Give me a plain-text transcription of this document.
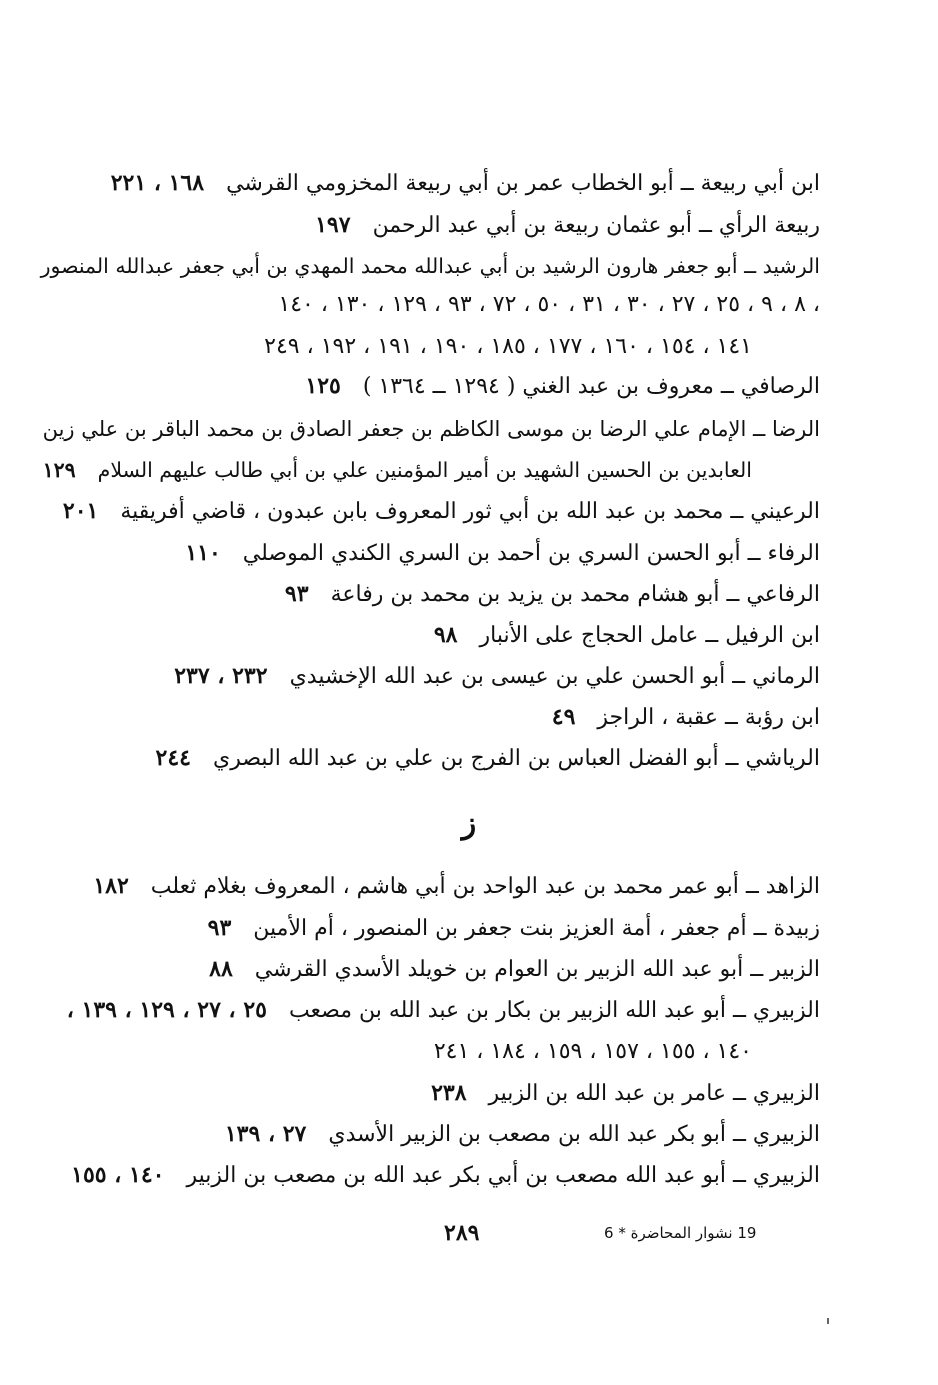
ابن أبي ربيعة ــ أبو الخطاب عمر بن أبي ربيعة المخزومي القرشي١٦٨ ، ٢٢١
ربيعة الرأي ــ أبو عثمان ربيعة بن أبي عبد الرحمن١٩٧
الرشيد ــ أبو جعفر هارون الرشيد بن أبي عبدالله محمد المهدي بن أبي جعفر عبدالله المنصور
٨ ، ٩ ، ٢٥ ، ٢٧ ، ٣٠ ، ٣١ ، ٥٠ ، ٧٢ ، ٩٣ ، ١٢٩ ، ١٣٠ ، ١٤٠ ،
١٤١ ، ١٥٤ ، ١٦٠ ، ١٧٧ ، ١٨٥ ، ١٩٠ ، ١٩١ ، ١٩٢ ، ٢٤٩
الرصافي ــ معروف بن عبد الغني ( ١٢٩٤ ــ ١٣٦٤ )١٢٥
الرضا ــ الإمام علي الرضا بن موسى الكاظم بن جعفر الصادق بن محمد الباقر بن علي زين
العابدين بن الحسين الشهيد بن أمير المؤمنين علي بن أبي طالب عليهم السلام١٢٩
الرعيني ــ محمد بن عبد الله بن أبي ثور المعروف بابن عبدون ، قاضي أفريقية٢٠١
الرفاء ــ أبو الحسن السري بن أحمد بن السري الكندي الموصلي١١٠
الرفاعي ــ أبو هشام محمد بن يزيد بن محمد بن رفاعة٩٣
ابن الرفيل ــ عامل الحجاج على الأنبار٩٨
الرماني ــ أبو الحسن علي بن عيسى بن عبد الله الإخشيدي٢٣٢ ، ٢٣٧
ابن رؤبة ــ عقبة ، الراجز٤٩
الرياشي ــ أبو الفضل العباس بن الفرج بن علي بن عبد الله البصري٢٤٤
ز
الزاهد ــ أبو عمر محمد بن عبد الواحد بن أبي هاشم ، المعروف بغلام ثعلب١٨٢
زبيدة ــ أم جعفر ، أمة العزيز بنت جعفر بن المنصور ، أم الأمين٩٣
الزبير ــ أبو عبد الله الزبير بن العوام بن خويلد الأسدي القرشي٨٨
الزبيري ــ أبو عبد الله الزبير بن بكار بن عبد الله بن مصعب٢٥ ، ٢٧ ، ١٢٩ ، ١٣٩ ،
١٤٠ ، ١٥٥ ، ١٥٧ ، ١٥٩ ، ١٨٤ ، ٢٤١
الزبيري ــ عامر بن عبد الله بن الزبير٢٣٨
الزبيري ــ أبو بكر عبد الله بن مصعب بن الزبير الأسدي٢٧ ، ١٣٩
الزبيري ــ أبو عبد الله مصعب بن أبي بكر عبد الله بن مصعب بن الزبير١٤٠ ، ١٥٥
٢٨٩	19 نشوار المحاضرة * 6
